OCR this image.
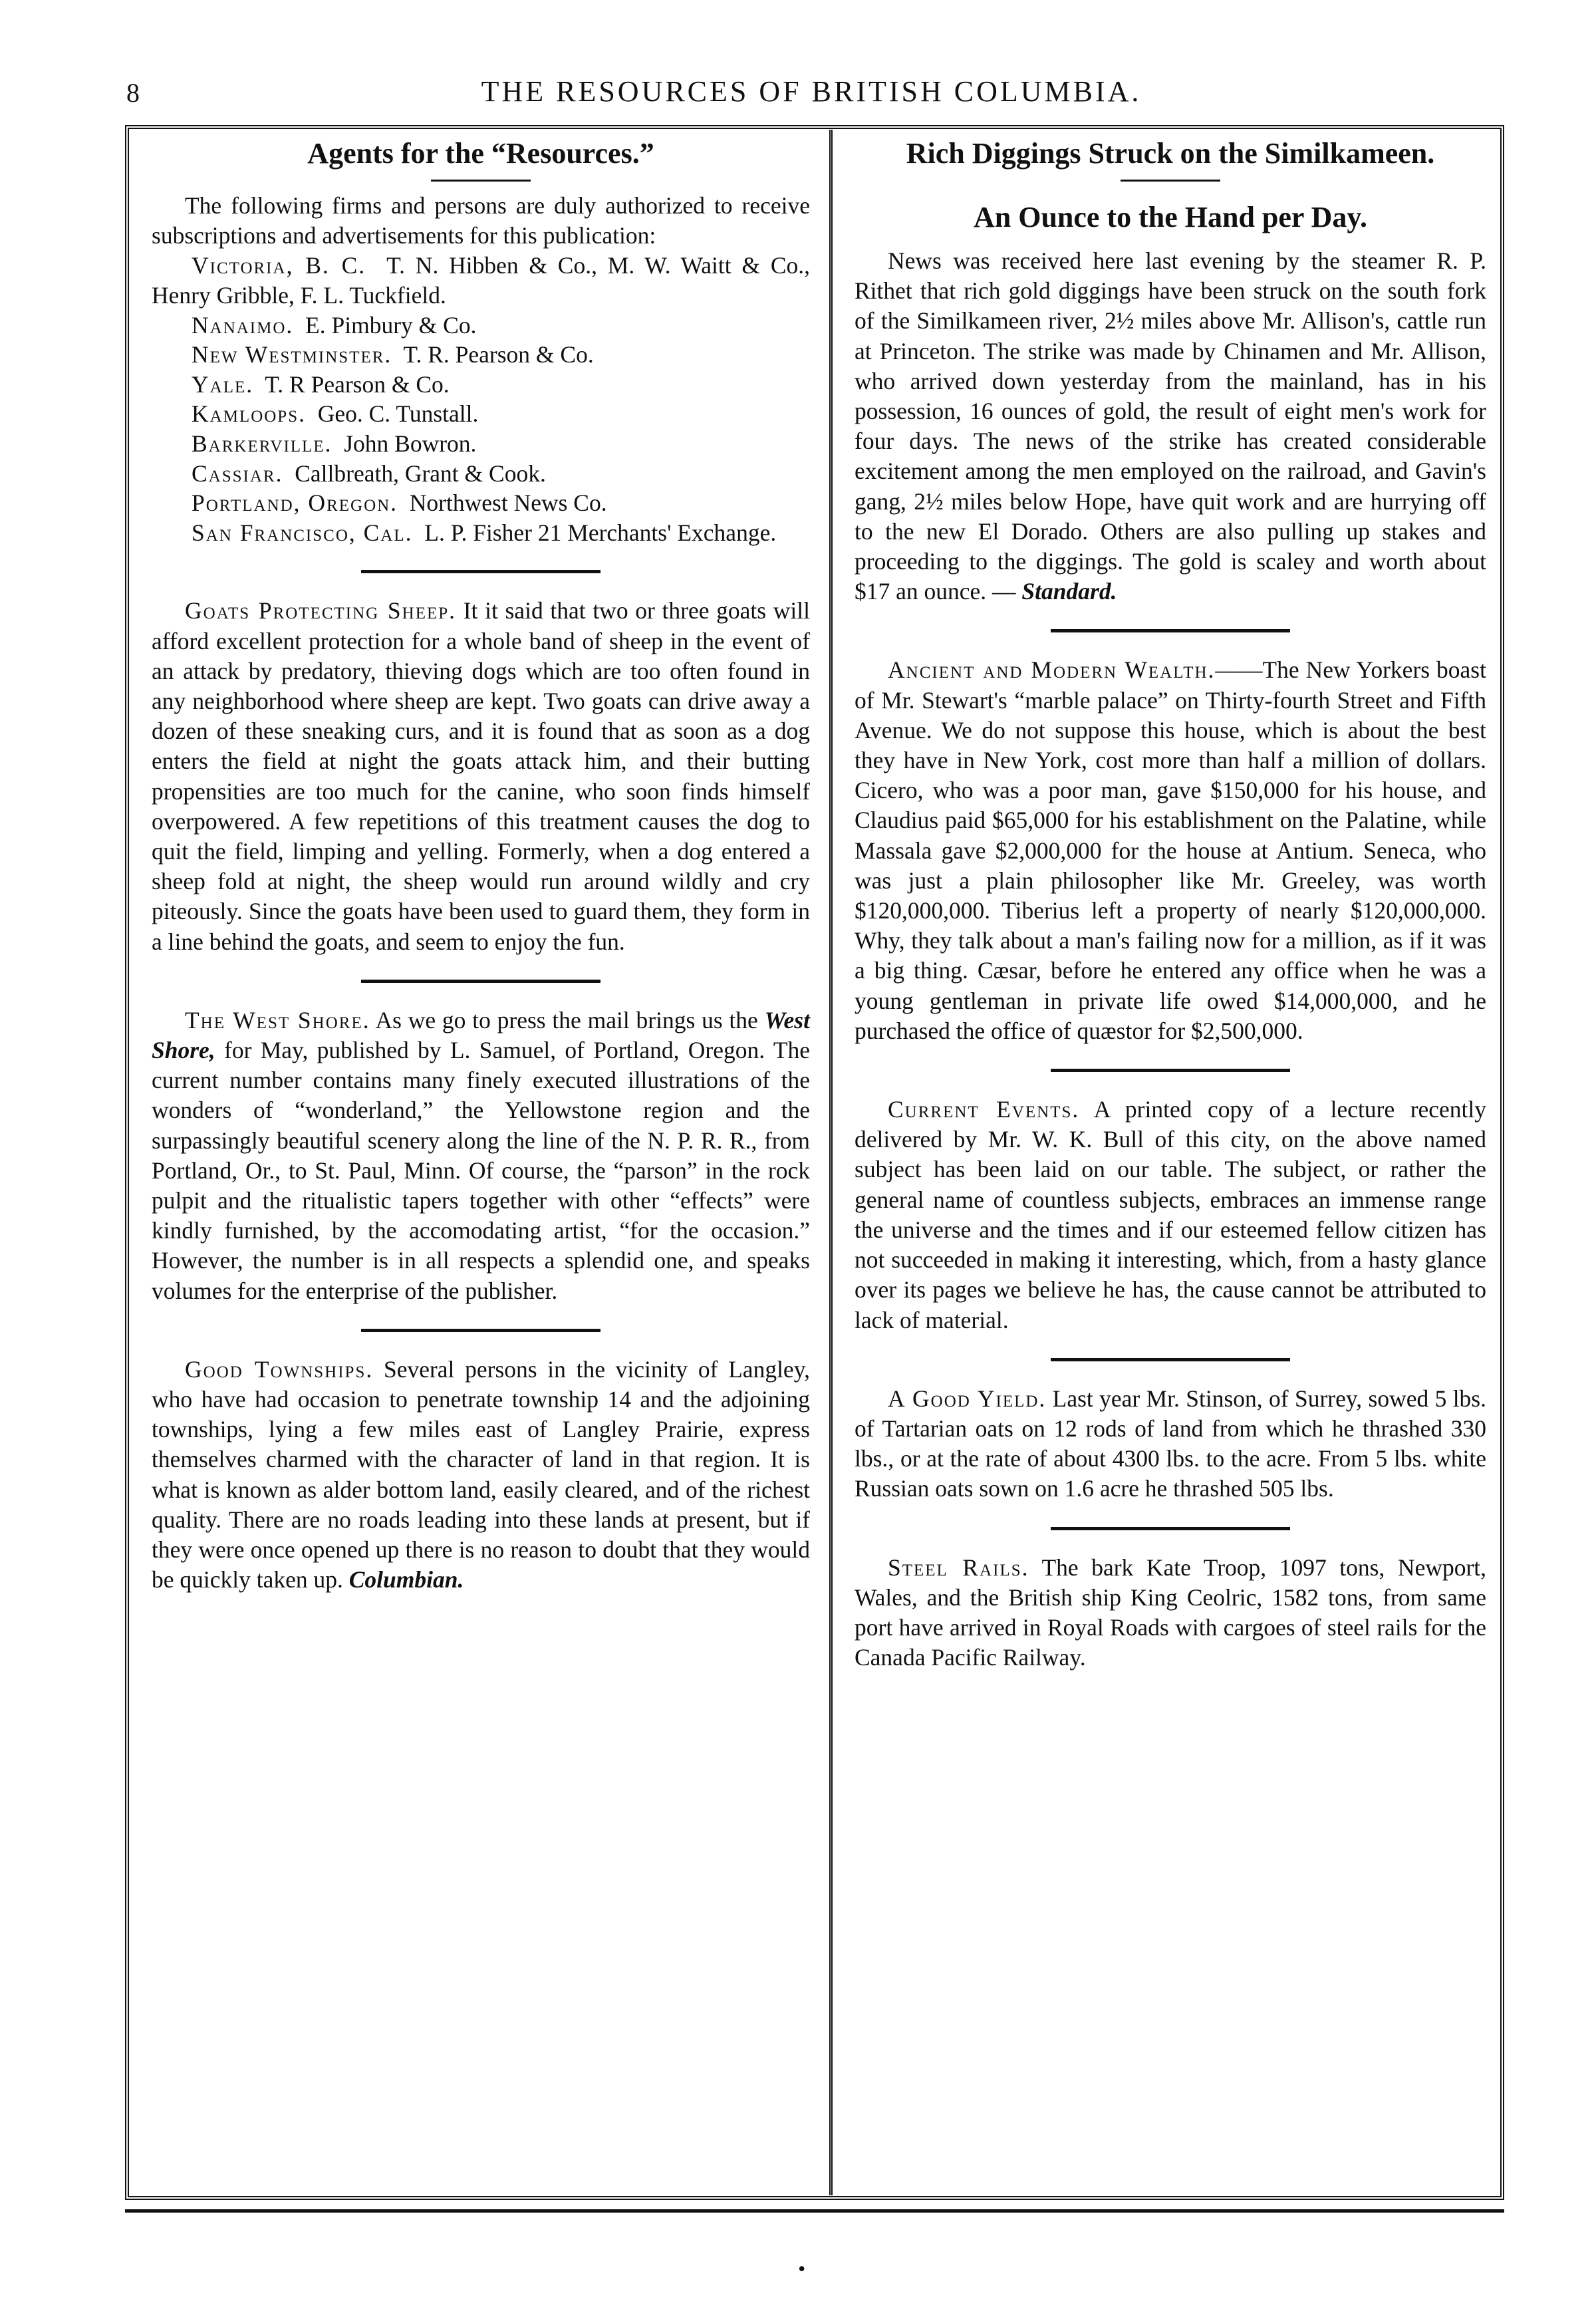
8	THE RESOURCES OF BRITISH COLUMBIA.
Agents for the “Resources.”

The following firms and persons are duly authorized to receive subscriptions and advertisements for this publication:

Victoria, B. C. T. N. Hibben & Co., M. W. Waitt & Co., Henry Gribble, F. L. Tuckfield.

Nanaimo. E. Pimbury & Co.

New Westminster. T. R. Pearson & Co.

Yale. T. R Pearson & Co.

Kamloops. Geo. C. Tunstall.

Barkerville. John Bowron.

Cassiar. Callbreath, Grant & Cook.

Portland, Oregon. Northwest News Co.

San Francisco, Cal. L. P. Fisher 21 Merchants' Exchange.

Goats Protecting Sheep. It it said that two or three goats will afford excellent protection for a whole band of sheep in the event of an attack by predatory, thieving dogs which are too often found in any neighborhood where sheep are kept. Two goats can drive away a dozen of these sneaking curs, and it is found that as soon as a dog enters the field at night the goats attack him, and their butting propensities are too much for the canine, who soon finds himself overpowered. A few repetitions of this treatment causes the dog to quit the field, limping and yelling. Formerly, when a dog entered a sheep fold at night, the sheep would run around wildly and cry piteously. Since the goats have been used to guard them, they form in a line behind the goats, and seem to enjoy the fun.

The West Shore. As we go to press the mail brings us the West Shore, for May, published by L. Samuel, of Portland, Oregon. The current number contains many finely executed illustrations of the wonders of “wonderland,” the Yellowstone region and the surpassingly beautiful scenery along the line of the N. P. R. R., from Portland, Or., to St. Paul, Minn. Of course, the “parson” in the rock pulpit and the ritualistic tapers together with other “effects” were kindly furnished, by the accomodating artist, “for the occasion.” However, the number is in all respects a splendid one, and speaks volumes for the enterprise of the publisher.

Good Townships. Several persons in the vicinity of Langley, who have had occasion to penetrate township 14 and the adjoining townships, lying a few miles east of Langley Prairie, express themselves charmed with the character of land in that region. It is what is known as alder bottom land, easily cleared, and of the richest quality. There are no roads leading into these lands at present, but if they were once opened up there is no reason to doubt that they would be quickly taken up. Columbian.

Rich Diggings Struck on the Similkameen.
An Ounce to the Hand per Day.

News was received here last evening by the steamer R. P. Rithet that rich gold diggings have been struck on the south fork of the Similkameen river, 2½ miles above Mr. Allison's, cattle run at Princeton. The strike was made by Chinamen and Mr. Allison, who arrived down yesterday from the mainland, has in his possession, 16 ounces of gold, the result of eight men's work for four days. The news of the strike has created considerable excitement among the men employed on the railroad, and Gavin's gang, 2½ miles below Hope, have quit work and are hurrying off to the new El Dorado. Others are also pulling up stakes and proceeding to the diggings. The gold is scaley and worth about $17 an ounce. — Standard.

Ancient and Modern Wealth.——The New Yorkers boast of Mr. Stewart's “marble palace” on Thirty-fourth Street and Fifth Avenue. We do not suppose this house, which is about the best they have in New York, cost more than half a million of dollars. Cicero, who was a poor man, gave $150,000 for his house, and Claudius paid $65,000 for his establishment on the Palatine, while Massala gave $2,000,000 for the house at Antium. Seneca, who was just a plain philosopher like Mr. Greeley, was worth $120,000,000. Tiberius left a property of nearly $120,000,000. Why, they talk about a man's failing now for a million, as if it was a big thing. Cæsar, before he entered any office when he was a young gentleman in private life owed $14,000,000, and he purchased the office of quæstor for $2,500,000.

Current Events. A printed copy of a lecture recently delivered by Mr. W. K. Bull of this city, on the above named subject has been laid on our table. The subject, or rather the general name of countless subjects, embraces an immense range the universe and the times and if our esteemed fellow citizen has not succeeded in making it interesting, which, from a hasty glance over its pages we believe he has, the cause cannot be attributed to lack of material.

A Good Yield. Last year Mr. Stinson, of Surrey, sowed 5 lbs. of Tartarian oats on 12 rods of land from which he thrashed 330 lbs., or at the rate of about 4300 lbs. to the acre. From 5 lbs. white Russian oats sown on 1.6 acre he thrashed 505 lbs.

Steel Rails. The bark Kate Troop, 1097 tons, Newport, Wales, and the British ship King Ceolric, 1582 tons, from same port have arrived in Royal Roads with cargoes of steel rails for the Canada Pacific Railway.

•
